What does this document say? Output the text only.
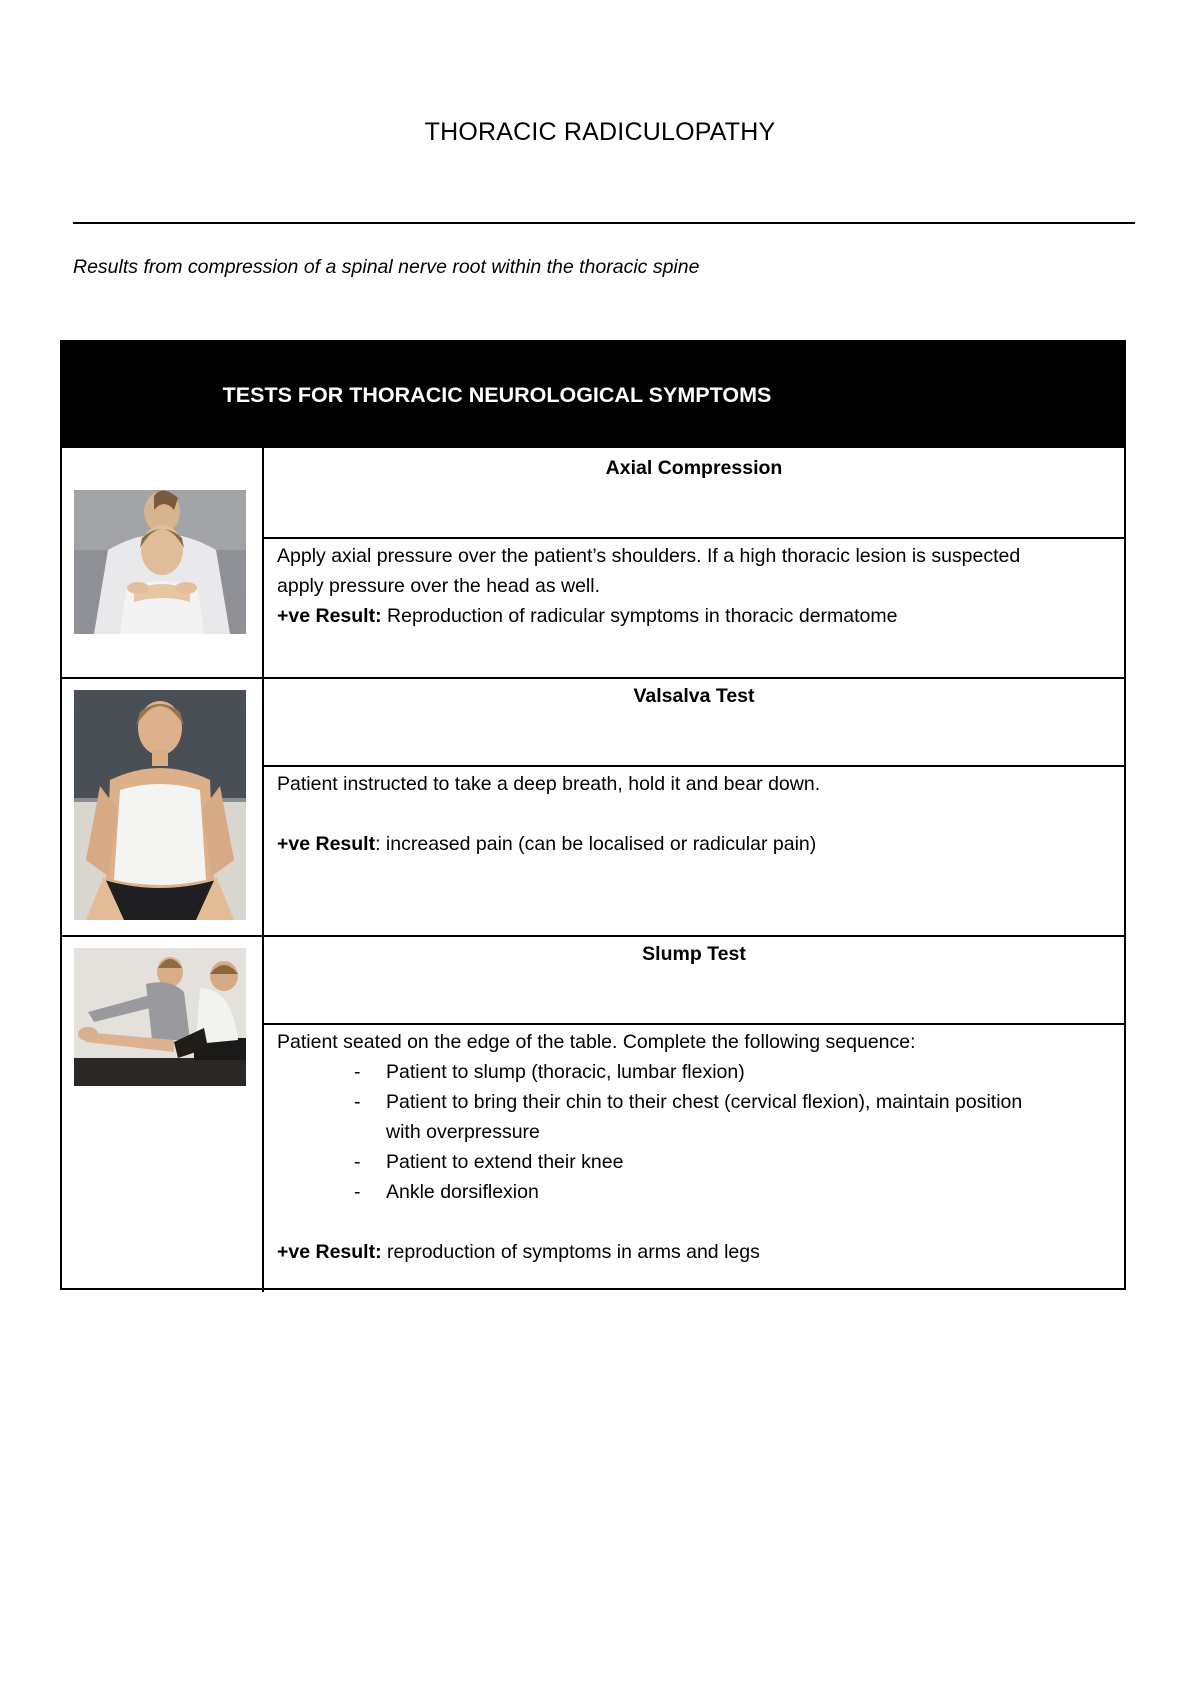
THORACIC RADICULOPATHY
Results from compression of a spinal nerve root within the thoracic spine
TESTS FOR THORACIC NEUROLOGICAL SYMPTOMS
Axial Compression

Apply axial pressure over the patient’s shoulders. If a high thoracic lesion is suspected apply pressure over the head as well.

+ve Result: Reproduction of radicular symptoms in thoracic dermatome

Valsalva Test

Patient instructed to take a deep breath, hold it and bear down.

+ve Result: increased pain (can be localised or radicular pain)

Slump Test

Patient seated on the edge of the table. Complete the following sequence:

- Patient to slump (thoracic, lumbar flexion)
- Patient to bring their chin to their chest (cervical flexion), maintain position with overpressure
- Patient to extend their knee
- Ankle dorsiflexion

+ve Result: reproduction of symptoms in arms and legs
